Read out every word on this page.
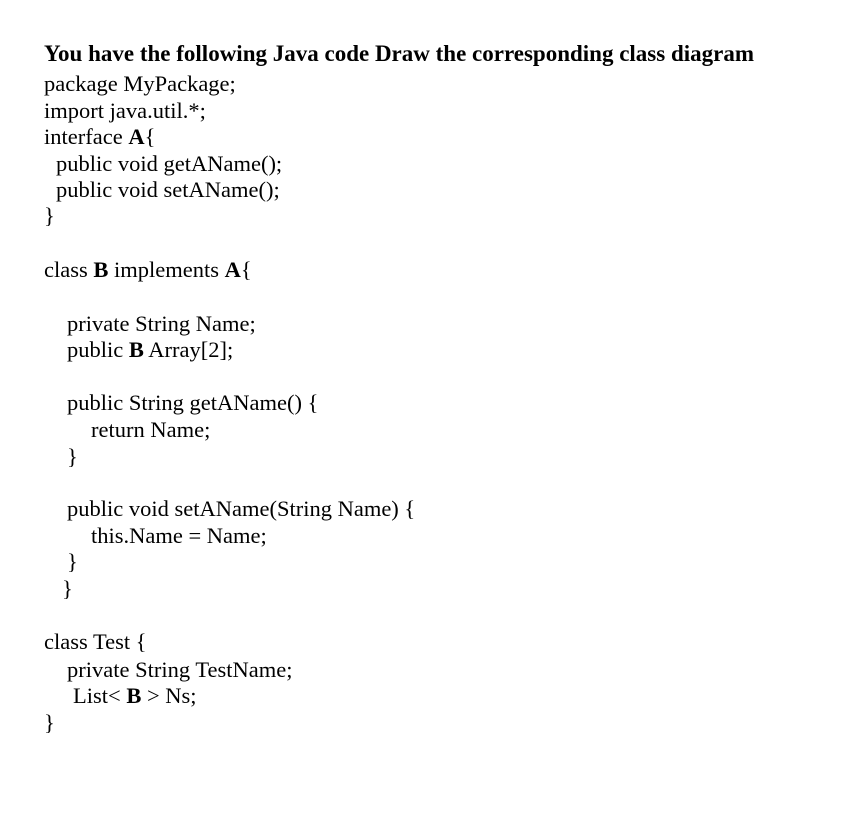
You have the following Java code Draw the corresponding class diagram
package MyPackage;
import java.util.*;
interface A{
public void getAName();
public void setAName();
}
class B implements A{
private String Name;
public B Array[2];
public String getAName() {
return Name;
}
public void setAName(String Name) {
this.Name = Name;
}
}
class Test {
private String TestName;
List< B > Ns;
}
